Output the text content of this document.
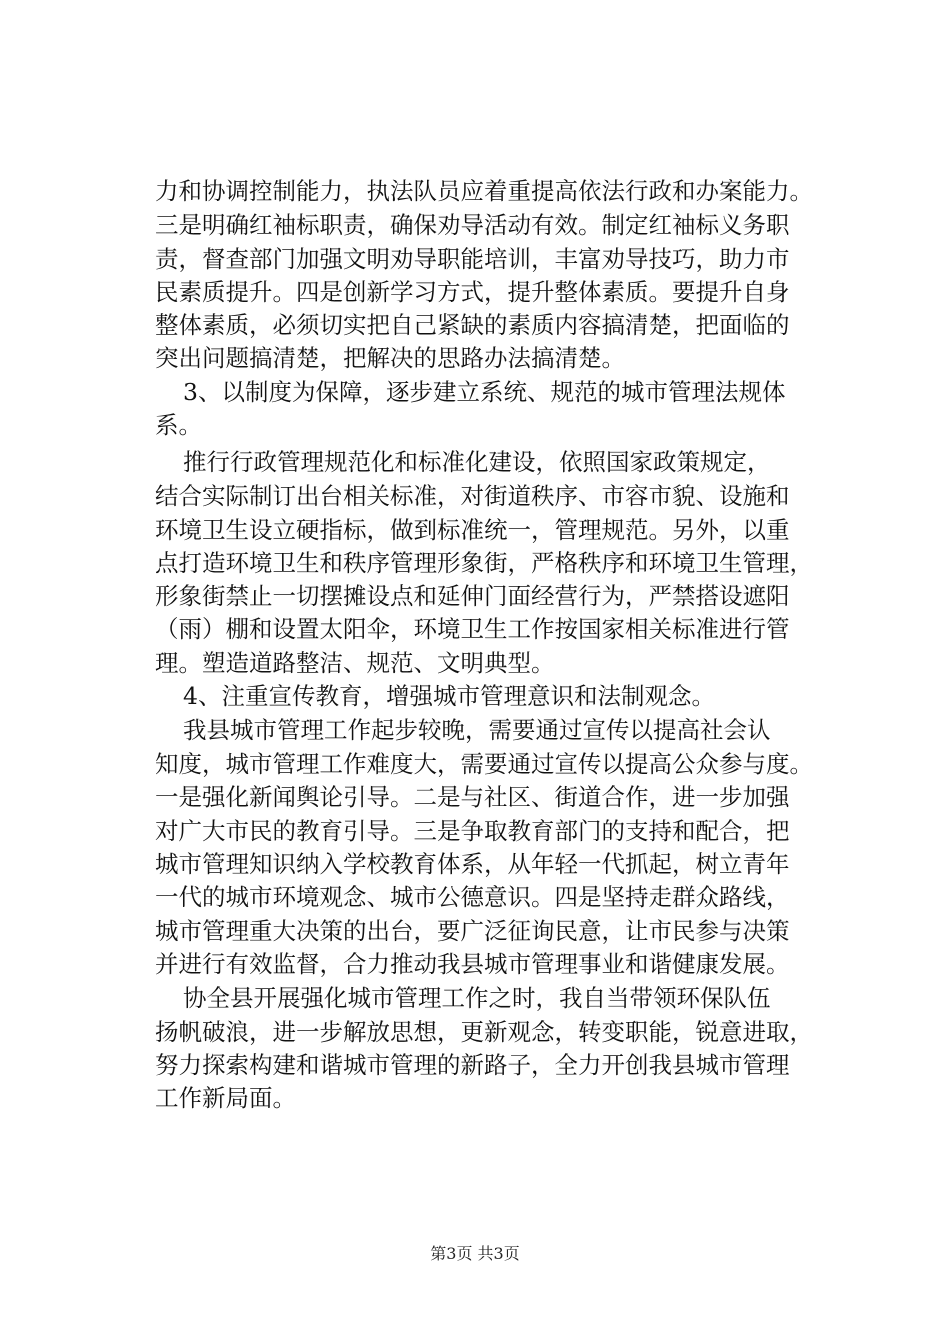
力和协调控制能力，执法队员应着重提高依法行政和办案能力。
三是明确红袖标职责，确保劝导活动有效。制定红袖标义务职
责，督查部门加强文明劝导职能培训，丰富劝导技巧，助力市
民素质提升。四是创新学习方式，提升整体素质。要提升自身
整体素质，必须切实把自己紧缺的素质内容搞清楚，把面临的
突出问题搞清楚，把解决的思路办法搞清楚。
3、以制度为保障，逐步建立系统、规范的城市管理法规体
系。
推行行政管理规范化和标准化建设，依照国家政策规定，
结合实际制订出台相关标准，对街道秩序、市容市貌、设施和
环境卫生设立硬指标，做到标准统一，管理规范。另外，以重
点打造环境卫生和秩序管理形象街，严格秩序和环境卫生管理，
形象街禁止一切摆摊设点和延伸门面经营行为，严禁搭设遮阳
（雨）棚和设置太阳伞，环境卫生工作按国家相关标准进行管
理。塑造道路整洁、规范、文明典型。
4、注重宣传教育，增强城市管理意识和法制观念。
我县城市管理工作起步较晚，需要通过宣传以提高社会认
知度，城市管理工作难度大，需要通过宣传以提高公众参与度。
一是强化新闻舆论引导。二是与社区、街道合作，进一步加强
对广大市民的教育引导。三是争取教育部门的支持和配合，把
城市管理知识纳入学校教育体系，从年轻一代抓起，树立青年
一代的城市环境观念、城市公德意识。四是坚持走群众路线，
城市管理重大决策的出台，要广泛征询民意，让市民参与决策
并进行有效监督，合力推动我县城市管理事业和谐健康发展。
协全县开展强化城市管理工作之时，我自当带领环保队伍
扬帆破浪，进一步解放思想，更新观念，转变职能，锐意进取，
努力探索构建和谐城市管理的新路子，全力开创我县城市管理
工作新局面。
第3页 共3页
